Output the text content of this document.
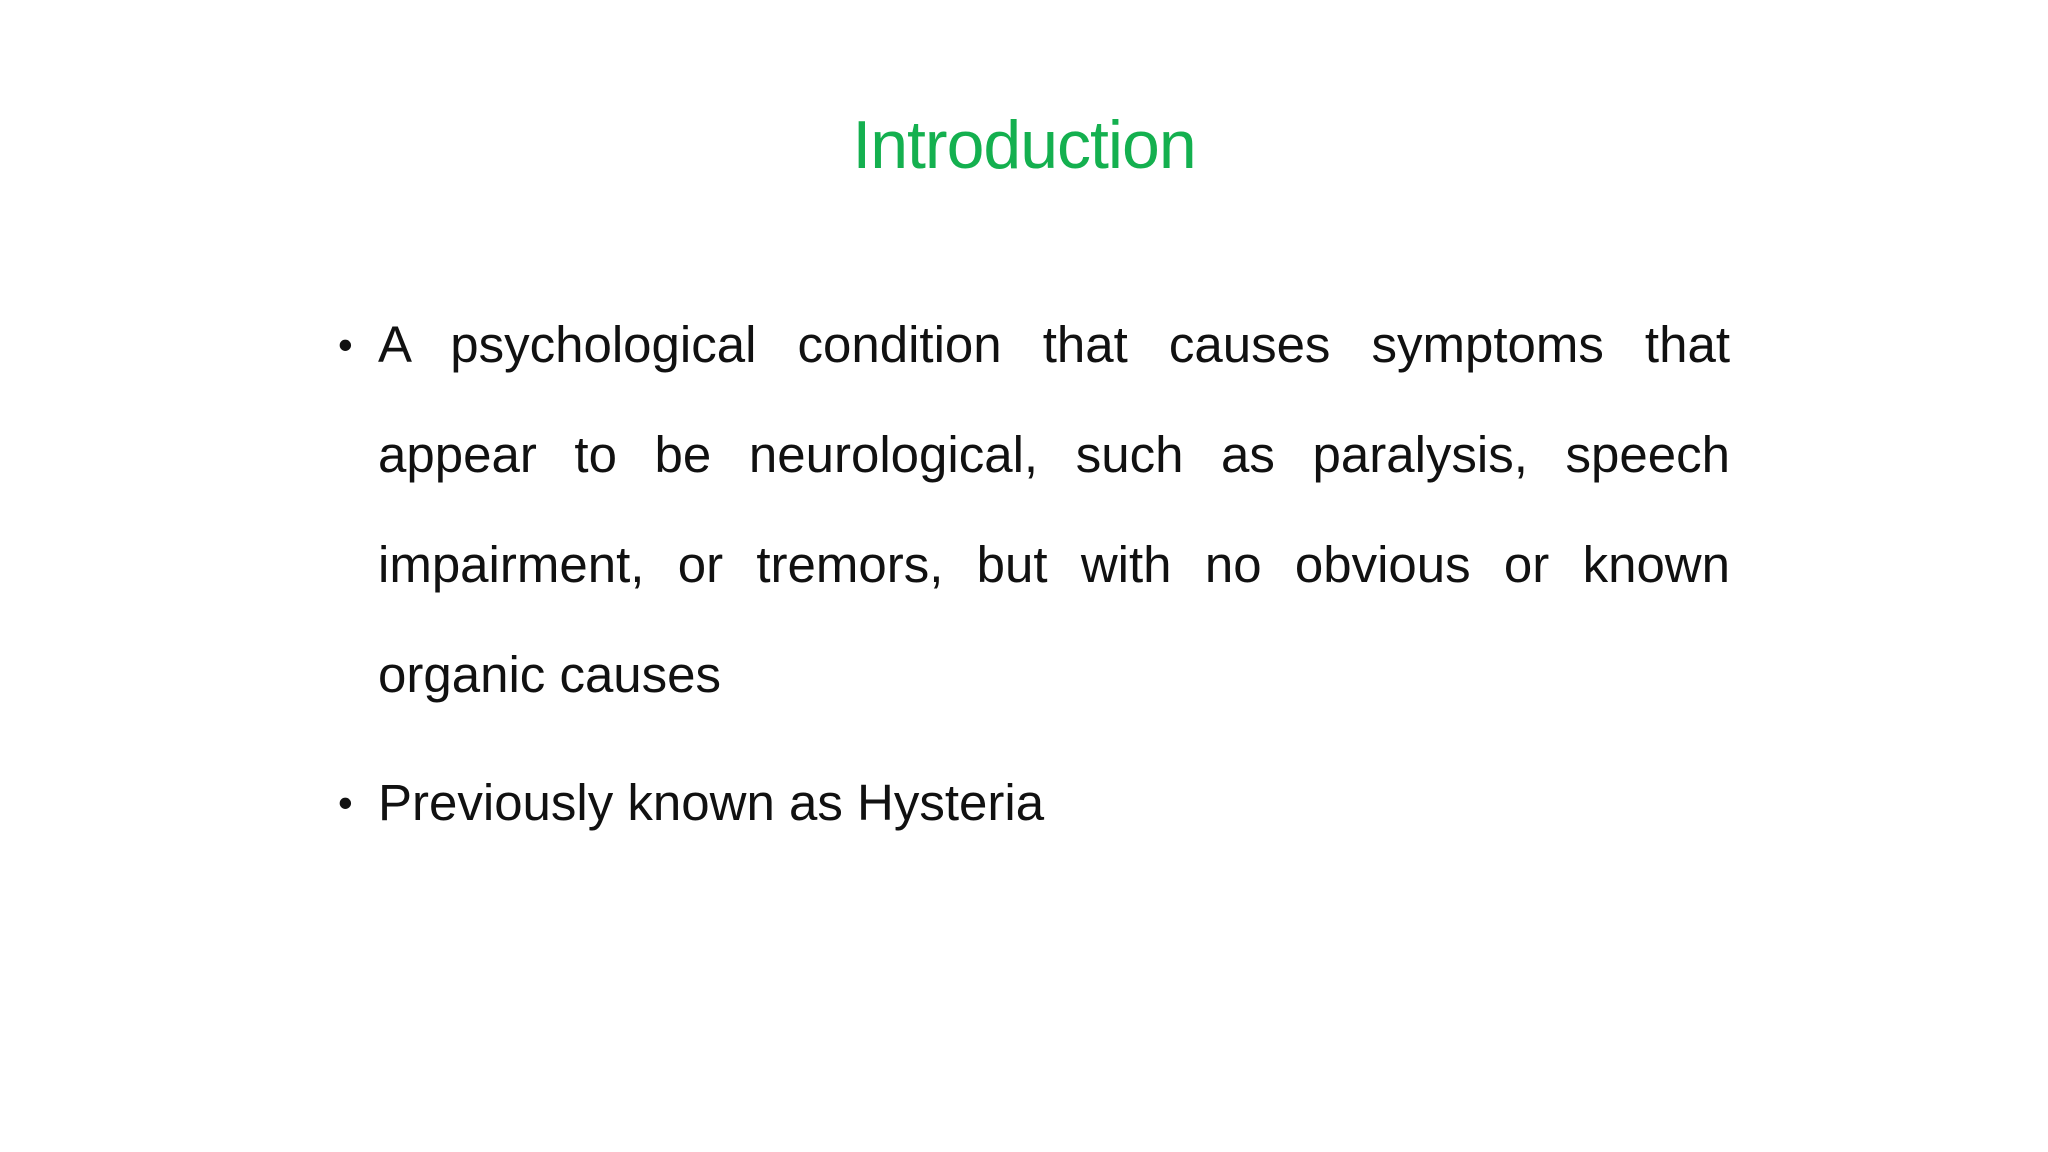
Introduction
• A psychological condition that causes symptoms that appear to be neurological, such as paralysis, speech impairment, or tremors, but with no obvious or known organic causes
• Previously known as Hysteria
